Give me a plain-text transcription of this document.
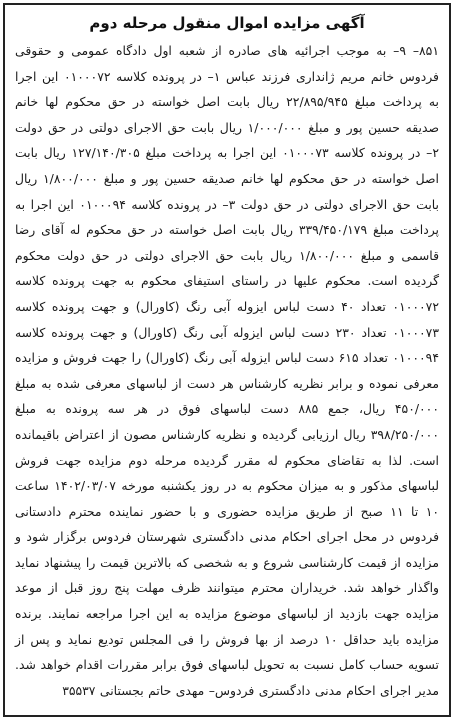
آگهی مزایده اموال منقول مرحله دوم

۸۵۱– ۹– به موجب اجرائیه های صادره از شعبه اول دادگاه عمومی و حقوقی فردوس خانم مریم ژانداری فرزند عباس ۱– در پرونده کلاسه ۰۱۰۰۰۷۲ این اجرا به پرداخت مبلغ ۲۲/۸۹۵/۹۴۵ ریال بابت اصل خواسته در حق محکوم لها خانم صدیقه حسین پور و مبلغ ۱/۰۰۰/۰۰۰ ریال بابت حق الاجرای دولتی در حق دولت ۲– در پرونده کلاسه ۰۱۰۰۰۷۳ این اجرا به پرداخت مبلغ ۱۲۷/۱۴۰/۳۰۵ ریال بابت اصل خواسته در حق محکوم لها خانم صدیقه حسین پور و مبلغ ۱/۸۰۰/۰۰۰ ریال بابت حق الاجرای دولتی در حق دولت ۳– در پرونده کلاسه ۰۱۰۰۰۹۴ این اجرا به پرداخت مبلغ ۳۳۹/۴۵۰/۱۷۹ ریال بابت اصل خواسته در حق محکوم له آقای رضا قاسمی و مبلغ ۱/۸۰۰/۰۰۰ ریال بابت حق الاجرای دولتی در حق دولت محکوم گردیده است. محکوم علیها در راستای استیفای محکوم به جهت پرونده کلاسه ۰۱۰۰۰۷۲ تعداد ۴۰ دست لباس ایزوله آبی رنگ (کاورال) و جهت پرونده کلاسه ۰۱۰۰۰۷۳ تعداد ۲۳۰ دست لباس ایزوله آبی رنگ (کاورال) و جهت پرونده کلاسه ۰۱۰۰۰۹۴ تعداد ۶۱۵ دست لباس ایزوله آبی رنگ (کاورال) را جهت فروش و مزایده معرفی نموده و برابر نظریه کارشناس هر دست از لباسهای معرفی شده به مبلغ ۴۵۰/۰۰۰ ریال، جمع ۸۸۵ دست لباسهای فوق در هر سه پرونده به مبلغ ۳۹۸/۲۵۰/۰۰۰ ریال ارزیابی گردیده و نظریه کارشناس مصون از اعتراض باقیمانده است. لذا به تقاضای محکوم له مقرر گردیده مرحله دوم مزایده جهت فروش لباسهای مذکور و به میزان محکوم به در روز یکشنبه مورخه ۱۴۰۲/۰۳/۰۷ ساعت ۱۰ تا ۱۱ صبح از طریق مزایده حضوری و با حضور نماینده محترم دادستانی فردوس در محل اجرای احکام مدنی دادگستری شهرستان فردوس برگزار شود و مزایده از قیمت کارشناسی شروع و به شخصی که بالاترین قیمت را پیشنهاد نماید واگذار خواهد شد. خریداران محترم میتوانند ظرف مهلت پنج روز قبل از موعد مزایده جهت بازدید از لباسهای موضوع مزایده به این اجرا مراجعه نمایند. برنده مزایده باید حداقل ۱۰ درصد از بها فروش را فی المجلس تودیع نماید و پس از تسویه حساب کامل نسبت به تحویل لباسهای فوق برابر مقررات اقدام خواهد شد. مدیر اجرای احکام مدنی دادگستری فردوس– مهدی حاتم بجستانی ۳۵۵۳۷
